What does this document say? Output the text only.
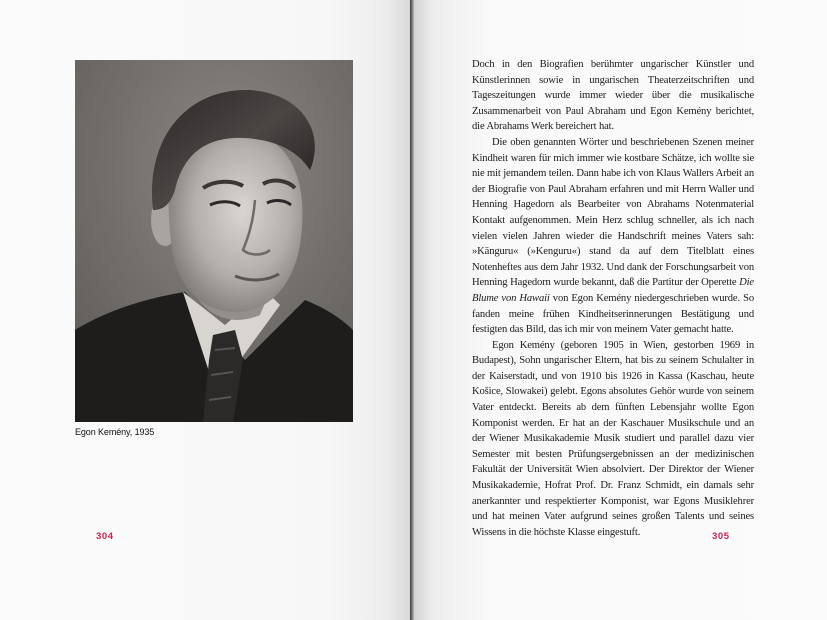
Egon Kemény, 1935
304

Doch in den Biografien berühmter ungarischer Künstler und Künstlerinnen sowie in ungarischen Theaterzeitschriften und Tageszeitungen wurde immer wieder über die musikalische Zusammenarbeit von Paul Abraham und Egon Kemény berichtet, die Abrahams Werk bereichert hat.

Die oben genannten Wörter und beschriebenen Szenen meiner Kindheit waren für mich immer wie kostbare Schätze, ich wollte sie nie mit jemandem teilen. Dann habe ich von Klaus Wallers Arbeit an der Biografie von Paul Abraham erfahren und mit Herrn Waller und Henning Hagedorn als Bearbeiter von Abrahams Notenmaterial Kontakt aufgenommen. Mein Herz schlug schneller, als ich nach vielen vielen Jahren wieder die Handschrift meines Vaters sah: »Känguru« (»Kenguru«) stand da auf dem Titelblatt eines Notenheftes aus dem Jahr 1932. Und dank der Forschungsarbeit von Henning Hagedorn wurde bekannt, daß die Partitur der Operette Die Blume von Hawaii von Egon Kemény niedergeschrieben wurde. So fanden meine frühen Kindheitserinnerungen Bestätigung und festigten das Bild, das ich mir von meinem Vater gemacht hatte.

Egon Kemény (geboren 1905 in Wien, gestorben 1969 in Budapest), Sohn ungarischer Eltern, hat bis zu seinem Schulalter in der Kaiserstadt, und von 1910 bis 1926 in Kassa (Kaschau, heute Košice, Slowakei) gelebt. Egons absolutes Gehör wurde von seinem Vater entdeckt. Bereits ab dem fünften Lebensjahr wollte Egon Komponist werden. Er hat an der Kaschauer Musikschule und an der Wiener Musikakademie Musik studiert und parallel dazu vier Semester mit besten Prüfungsergebnissen an der medizinischen Fakultät der Universität Wien absolviert. Der Direktor der Wiener Musikakademie, Hofrat Prof. Dr. Franz Schmidt, ein damals sehr anerkannter und respektierter Komponist, war Egons Musiklehrer und hat meinen Vater aufgrund seines großen Talents und seines Wissens in die höchste Klasse eingestuft.	305
